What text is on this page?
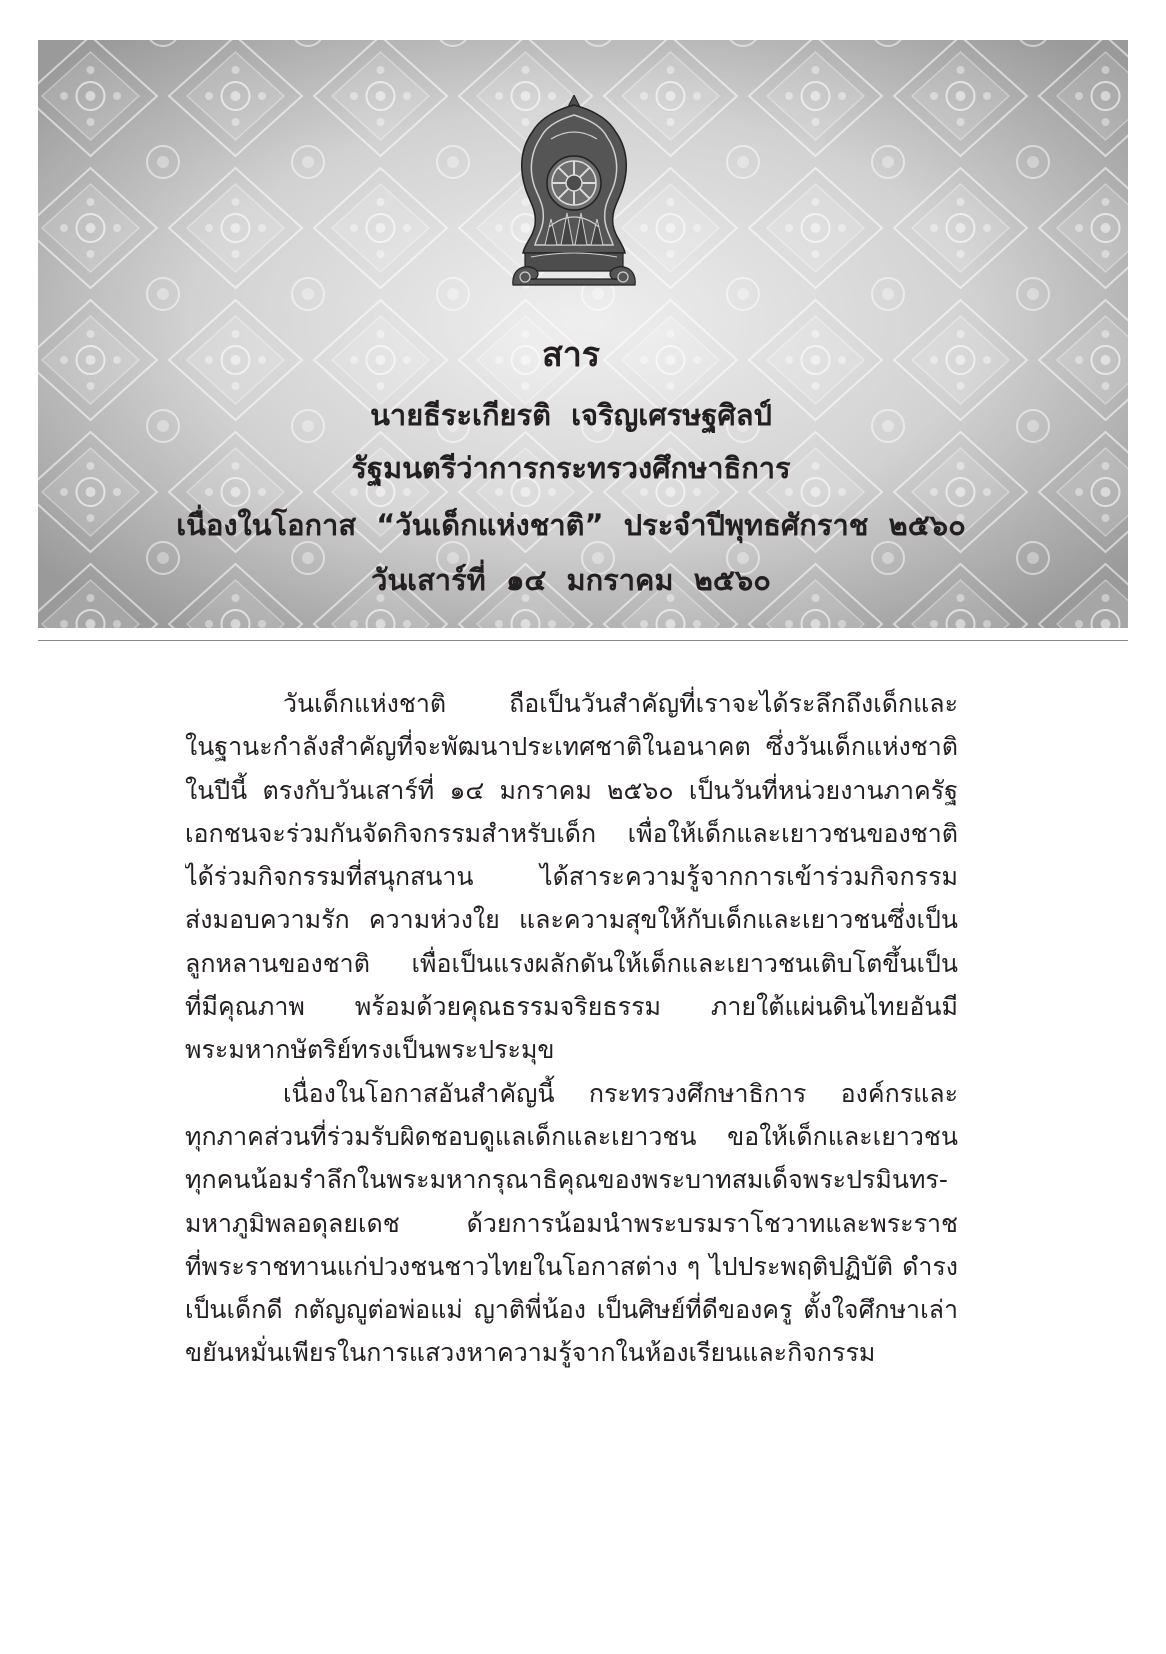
สาร
นายธีระเกียรติ  เจริญเศรษฐศิลป์
รัฐมนตรีว่าการกระทรวงศึกษาธิการ
เนื่องในโอกาส  “วันเด็กแห่งชาติ”  ประจำปีพุทธศักราช  ๒๕๖๐
วันเสาร์ที่  ๑๔  มกราคม  ๒๕๖๐
วันเด็กแห่งชาติ ถือเป็นวันสำคัญที่เราจะได้ระลึกถึงเด็กและ
ในฐานะกำลังสำคัญที่จะพัฒนาประเทศชาติในอนาคต ซึ่งวันเด็กแห่งชาติ
ในปีนี้ ตรงกับวันเสาร์ที่ ๑๔ มกราคม ๒๕๖๐ เป็นวันที่หน่วยงานภาครัฐ
เอกชนจะร่วมกันจัดกิจกรรมสำหรับเด็ก เพื่อให้เด็กและเยาวชนของชาติ
ได้ร่วมกิจกรรมที่สนุกสนาน ได้สาระความรู้จากการเข้าร่วมกิจกรรม
ส่งมอบความรัก ความห่วงใย และความสุขให้กับเด็กและเยาวชนซึ่งเป็น
ลูกหลานของชาติ เพื่อเป็นแรงผลักดันให้เด็กและเยาวชนเติบโตขึ้นเป็น
ที่มีคุณภาพ พร้อมด้วยคุณธรรมจริยธรรม ภายใต้แผ่นดินไทยอันมี
พระมหากษัตริย์ทรงเป็นพระประมุข
เนื่องในโอกาสอันสำคัญนี้ กระทรวงศึกษาธิการ องค์กรและ
ทุกภาคส่วนที่ร่วมรับผิดชอบดูแลเด็กและเยาวชน ขอให้เด็กและเยาวชน
ทุกคนน้อมรำลึกในพระมหากรุณาธิคุณของพระบาทสมเด็จพระปรมินทร-
มหาภูมิพลอดุลยเดช ด้วยการน้อมนำพระบรมราโชวาทและพระราช
ที่พระราชทานแก่ปวงชนชาวไทยในโอกาสต่าง ๆ ไปประพฤติปฏิบัติ ดำรง
เป็นเด็กดี กตัญญูต่อพ่อแม่ ญาติพี่น้อง เป็นศิษย์ที่ดีของครู ตั้งใจศึกษาเล่า
ขยันหมั่นเพียรในการแสวงหาความรู้จากในห้องเรียนและกิจกรรม
